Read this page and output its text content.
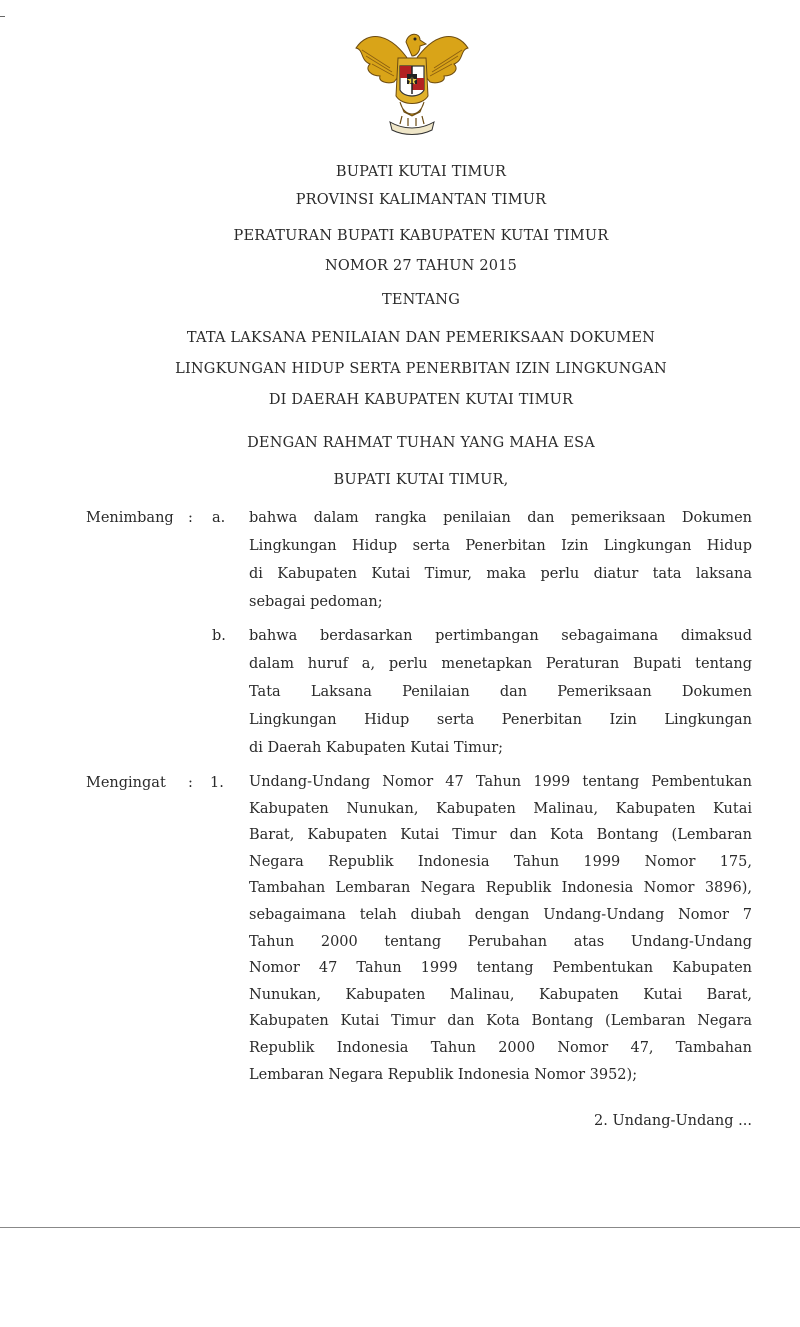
BUPATI KUTAI TIMUR
PROVINSI KALIMANTAN TIMUR
PERATURAN BUPATI KABUPATEN KUTAI TIMUR
NOMOR 27 TAHUN 2015
TENTANG
TATA LAKSANA PENILAIAN DAN PEMERIKSAAN DOKUMEN
LINGKUNGAN HIDUP SERTA PENERBITAN IZIN LINGKUNGAN
DI DAERAH KABUPATEN KUTAI TIMUR
DENGAN RAHMAT TUHAN YANG MAHA ESA
BUPATI KUTAI TIMUR,
Menimbang : a. bahwa dalam rangka penilaian dan pemeriksaan Dokumen
Lingkungan Hidup serta Penerbitan Izin Lingkungan Hidup
di Kabupaten Kutai Timur, maka perlu diatur tata laksana
sebagai pedoman;
b. bahwa berdasarkan pertimbangan sebagaimana dimaksud
dalam huruf a, perlu menetapkan Peraturan Bupati tentang
Tata Laksana Penilaian dan Pemeriksaan Dokumen
Lingkungan Hidup serta Penerbitan Izin Lingkungan
di Daerah Kabupaten Kutai Timur;
Mengingat : 1. Undang-Undang Nomor 47 Tahun 1999 tentang Pembentukan
Kabupaten Nunukan, Kabupaten Malinau, Kabupaten Kutai
Barat, Kabupaten Kutai Timur dan Kota Bontang (Lembaran
Negara Republik Indonesia Tahun 1999 Nomor 175,
Tambahan Lembaran Negara Republik Indonesia Nomor 3896),
sebagaimana telah diubah dengan Undang-Undang Nomor 7
Tahun 2000 tentang Perubahan atas Undang-Undang
Nomor 47 Tahun 1999 tentang Pembentukan Kabupaten
Nunukan, Kabupaten Malinau, Kabupaten Kutai Barat,
Kabupaten Kutai Timur dan Kota Bontang (Lembaran Negara
Republik Indonesia Tahun 2000 Nomor 47, Tambahan
Lembaran Negara Republik Indonesia Nomor 3952);
2. Undang-Undang ...
